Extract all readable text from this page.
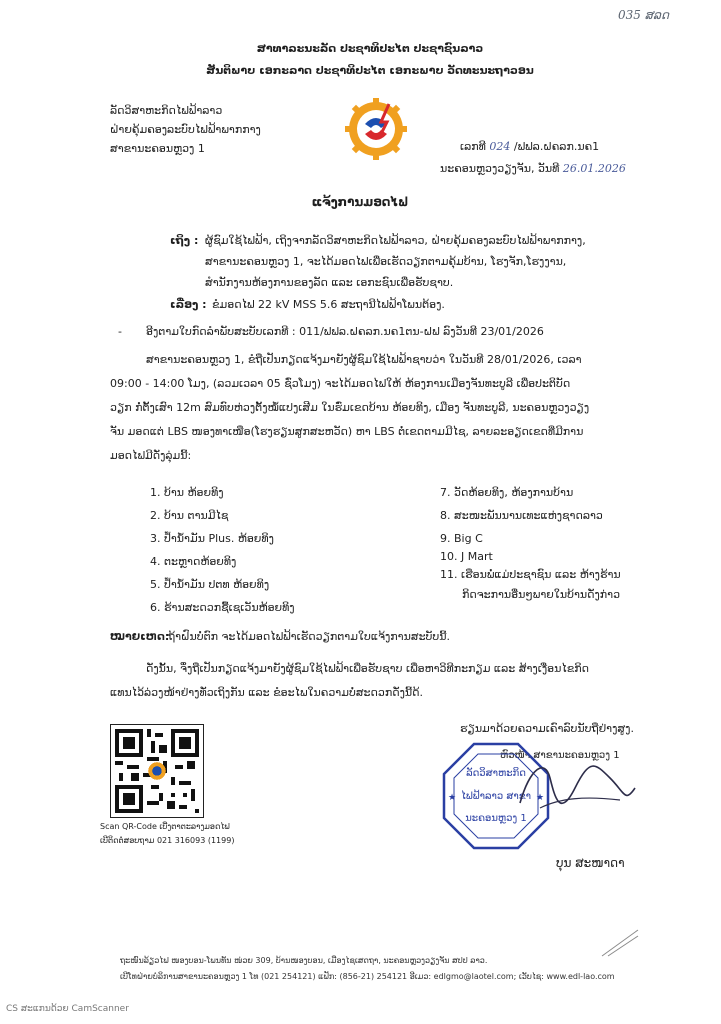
035 ສລດ
ສາທາລະນະລັດ ປະຊາທິປະໄຕ ປະຊາຊົນລາວ
ສັນຕິພາບ ເອກະລາດ ປະຊາທິປະໄຕ ເອກະພາບ ວັດທະນະຖາວອນ
ລັດວິສາຫະກິດໄຟຟ້າລາວ
ຝ່າຍຄຸ້ມຄອງລະບົບໄຟຟ້າພາກກາງ
ສາຂານະຄອນຫຼວງ 1	ເລກທີ 024 /ຟຟລ.ຝຄລກ.ນຄ1
ນະຄອນຫຼວງວຽງຈັນ, ວັນທີ 26.01.2026
ແຈ້ງການມອດໄຟ
ເຖິງ : ຜູ້ຊົມໃຊ້ໄຟຟ້າ, ເຖິງຈາກລັດວິສາຫະກິດໄຟຟ້າລາວ, ຝ່າຍຄຸ້ມຄອງລະບົບໄຟຟ້າພາກກາງ,
ສາຂານະຄອນຫຼວງ 1, ຈະໄດ້ມອດໄຟເພື່ອເຮັດວຽກຕາມຄຸ້ມບ້ານ, ໂຮງຈັກ,ໂຮງງານ,
ສຳນັກງານຫ້ອງການຂອງລັດ ແລະ ເອກະຊົນເພື່ອຮັບຊາບ.
ເລື່ອງ : ຂໍມອດໄຟ 22 kV MSS 5.6 ສະຖານີໄຟຟ້າໂພນຕ້ອງ.
- ອີງຕາມໃບກົດລຳພັບສະບັບເລກທີ : 011/ຟຟລ.ຝຄລກ.ນຄ1ຕນ-ຝຟ ລົງວັນທີ 23/01/2026
ສາຂານະຄອນຫຼວງ 1, ຂໍຖືເປັນກຽດແຈ້ງມາຍັງຜູ້ຊົມໃຊ້ໄຟຟ້າຊາບວ່າ ໃນວັນທີ 28/01/2026, ເວລາ
09:00 - 14:00 ໂມງ, (ລວມເວລາ 05 ຊົ່ວໂມງ) ຈະໄດ້ມອດໄຟໃຫ້ ຫ້ອງການເມືອງຈັນທະບູລີ ເພື່ອປະຕິບັດ
ວຽກ ກໍ່ຕັ້ງເສົາ 12m ສົມທົບຫ່ວງຕັ້ງໝໍ້ແປງເສີມ ໃນຮົ່ມເຂດບ້ານ ຫ້ອຍທິງ, ເມືອງ ຈັນທະບູລີ, ນະຄອນຫຼວງວຽງ
ຈັນ ມອດແຕ່ LBS ໜອງທາເໜືອ(ໂຮງຮຽນສູກສະຫວັດ) ຫາ LBS ຕໍ່ເຂດຕາມມີໄຊ, ລາຍລະອຽດເຂດທີ່ມີການ
ມອດໄຟມີດັ່ງລຸ່ມນີ້:
1. ບ້ານ ຫ້ອຍທິງ
2. ບ້ານ ຕານມີໄຊ
3. ປໍ້ານໍ້າມັນ Plus. ຫ້ອຍທິງ
4. ຕະຫຼາດຫ້ອຍທິງ
5. ປໍ້ານໍ້າມັນ ປຕທ ຫ້ອຍທິງ
6. ຮ້ານສະດວກຊື້ເຊເວັນຫ້ອຍທິງ
7. ວັດຫ້ອຍທິງ, ຫ້ອງການບ້ານ
8. ສະໜະພັນນານເທະແຫ່ງຊາດລາວ
9. Big C
10. J Mart
11. ເຮືອນພໍ່ແມ່ປະຊາຊົນ ແລະ ຫ້າງຮ້ານ
ກິດຈະການອື່ນໆພາຍໃນບ້ານດັ່ງກ່າວ
ໝາຍເຫດ:
ຖ້າຝົນບໍ່ຕົກ ຈະໄດ້ມອດໄຟຟ້າເຮັດວຽກຕາມໃບແຈ້ງການສະບັບນີ້.
ດັ່ງນັ້ນ, ຈຶ່ງຖືເປັນກຽດແຈ້ງມາຍັງຜູ້ຊົມໃຊ້ໄຟຟ້າເພື່ອຮັບຊາບ ເພື່ອຫາວິທີກະກຽມ ແລະ ສ້າງເງື່ອນໄຂກິດ
ແທນໄວ້ລ່ວງໜ້າຢ່າງທັ່ວເຖິງກັນ ແລະ ຂໍອະໄພໃນຄວາມບໍ່ສະດວກດັ່ງນີ້ດ້.
Scan QR-Code ເບີ່ງຕາຕະລາງມອດໄຟ
ເບີຕິດຕໍ່ສອບຖາມ 021 316093 (1199)
ຮຽນມາດ້ວຍຄວາມເຄົາລົບນັບຖືຢ່າງສູງ.
ຫົວໜ້າ ສາຂານະຄອນຫຼວງ 1
★	★
ລັດວິສາຫະກິດ
ໄຟຟ້າລາວ ສາຂາ
ນະຄອນຫຼວງ 1
ບຸນ ສະໜາດາ
ຖະໜົນລ້ຽວໄຟ ໜອງບອນ-ໂພນທັນ ໜ່ວຍ 309, ບ້ານໜອງບອນ, ເມືອງໄຊເສດຖາ, ນະຄອນຫຼວງວຽງຈັນ ສປປ ລາວ.
ເບີໂທຝ່າຍບໍລິການສາຂານະຄອນຫຼວງ 1 ໂທ (021 254121) ແຟັກ: (856-21) 254121 ອີເມວ: edlgmo@laotel.com; ເວັບໄຊ: www.edl-lao.com
CS ສະແກນດ້ວຍ CamScanner
